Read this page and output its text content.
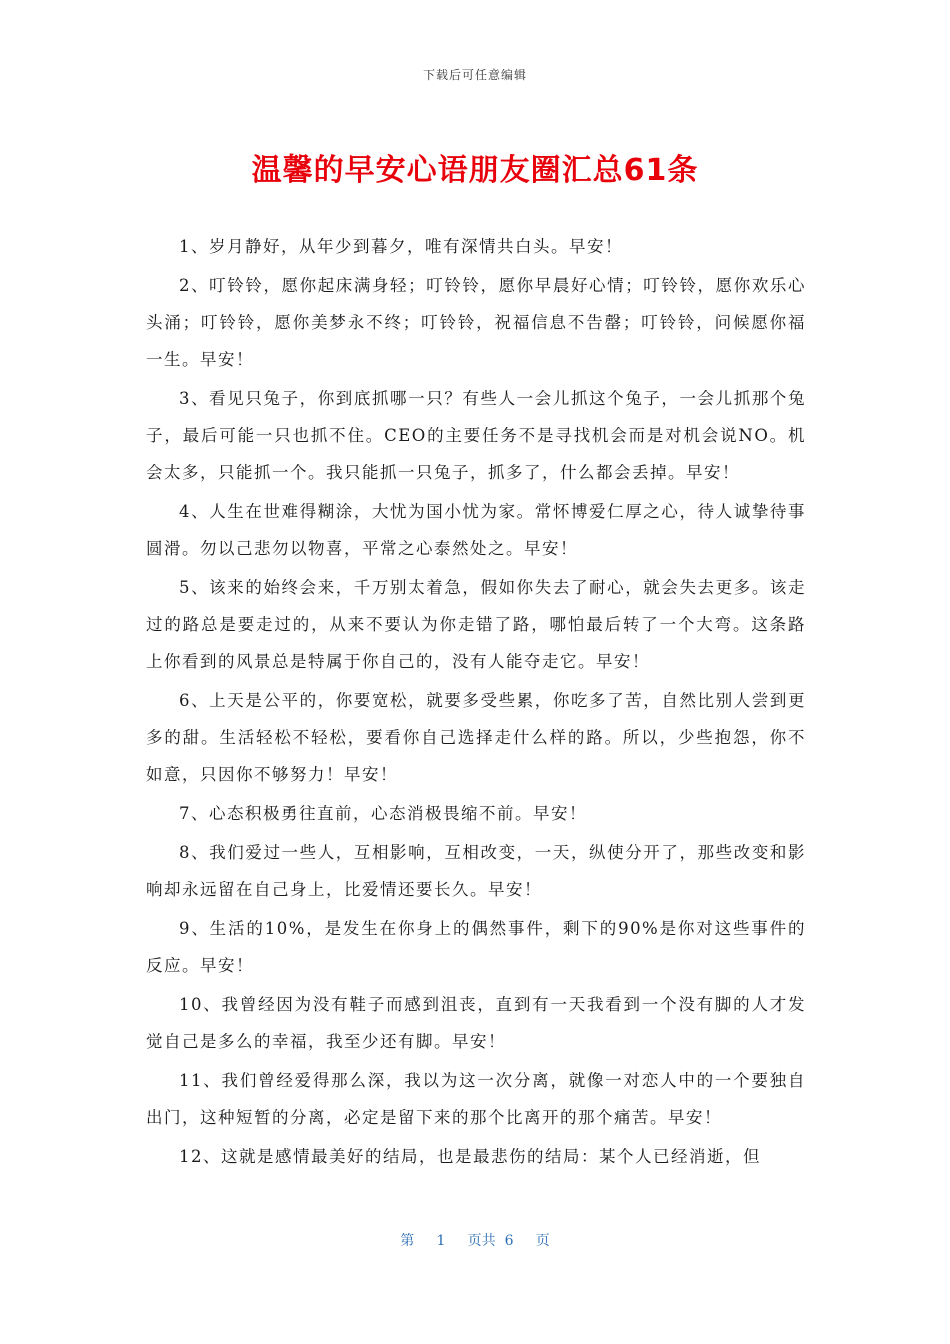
下载后可任意编辑
温馨的早安心语朋友圈汇总61条

1、岁月静好，从年少到暮夕，唯有深情共白头。早安！

2、叮铃铃，愿你起床满身轻；叮铃铃，愿你早晨好心情；叮铃铃，愿你欢乐心头涌；叮铃铃，愿你美梦永不终；叮铃铃，祝福信息不告罄；叮铃铃，问候愿你福一生。早安！

3、看见只兔子，你到底抓哪一只？有些人一会儿抓这个兔子，一会儿抓那个兔子，最后可能一只也抓不住。CEO的主要任务不是寻找机会而是对机会说NO。机会太多，只能抓一个。我只能抓一只兔子，抓多了，什么都会丢掉。早安！

4、人生在世难得糊涂，大忧为国小忧为家。常怀博爱仁厚之心，待人诚挚待事圆滑。勿以己悲勿以物喜，平常之心泰然处之。早安！

5、该来的始终会来，千万别太着急，假如你失去了耐心，就会失去更多。该走过的路总是要走过的，从来不要认为你走错了路，哪怕最后转了一个大弯。这条路上你看到的风景总是特属于你自己的，没有人能夺走它。早安！

6、上天是公平的，你要宽松，就要多受些累，你吃多了苦，自然比别人尝到更多的甜。生活轻松不轻松，要看你自己选择走什么样的路。所以，少些抱怨，你不如意，只因你不够努力！早安！

7、心态积极勇往直前，心态消极畏缩不前。早安！

8、我们爱过一些人，互相影响，互相改变，一天，纵使分开了，那些改变和影响却永远留在自己身上，比爱情还要长久。早安！

9、生活的10%，是发生在你身上的偶然事件，剩下的90%是你对这些事件的反应。早安！

10、我曾经因为没有鞋子而感到沮丧，直到有一天我看到一个没有脚的人才发觉自己是多么的幸福，我至少还有脚。早安！

11、我们曾经爱得那么深，我以为这一次分离，就像一对恋人中的一个要独自出门，这种短暂的分离，必定是留下来的那个比离开的那个痛苦。早安！

12、这就是感情最美好的结局，也是最悲伤的结局：某个人已经消逝，但

第 1 页共 6 页
